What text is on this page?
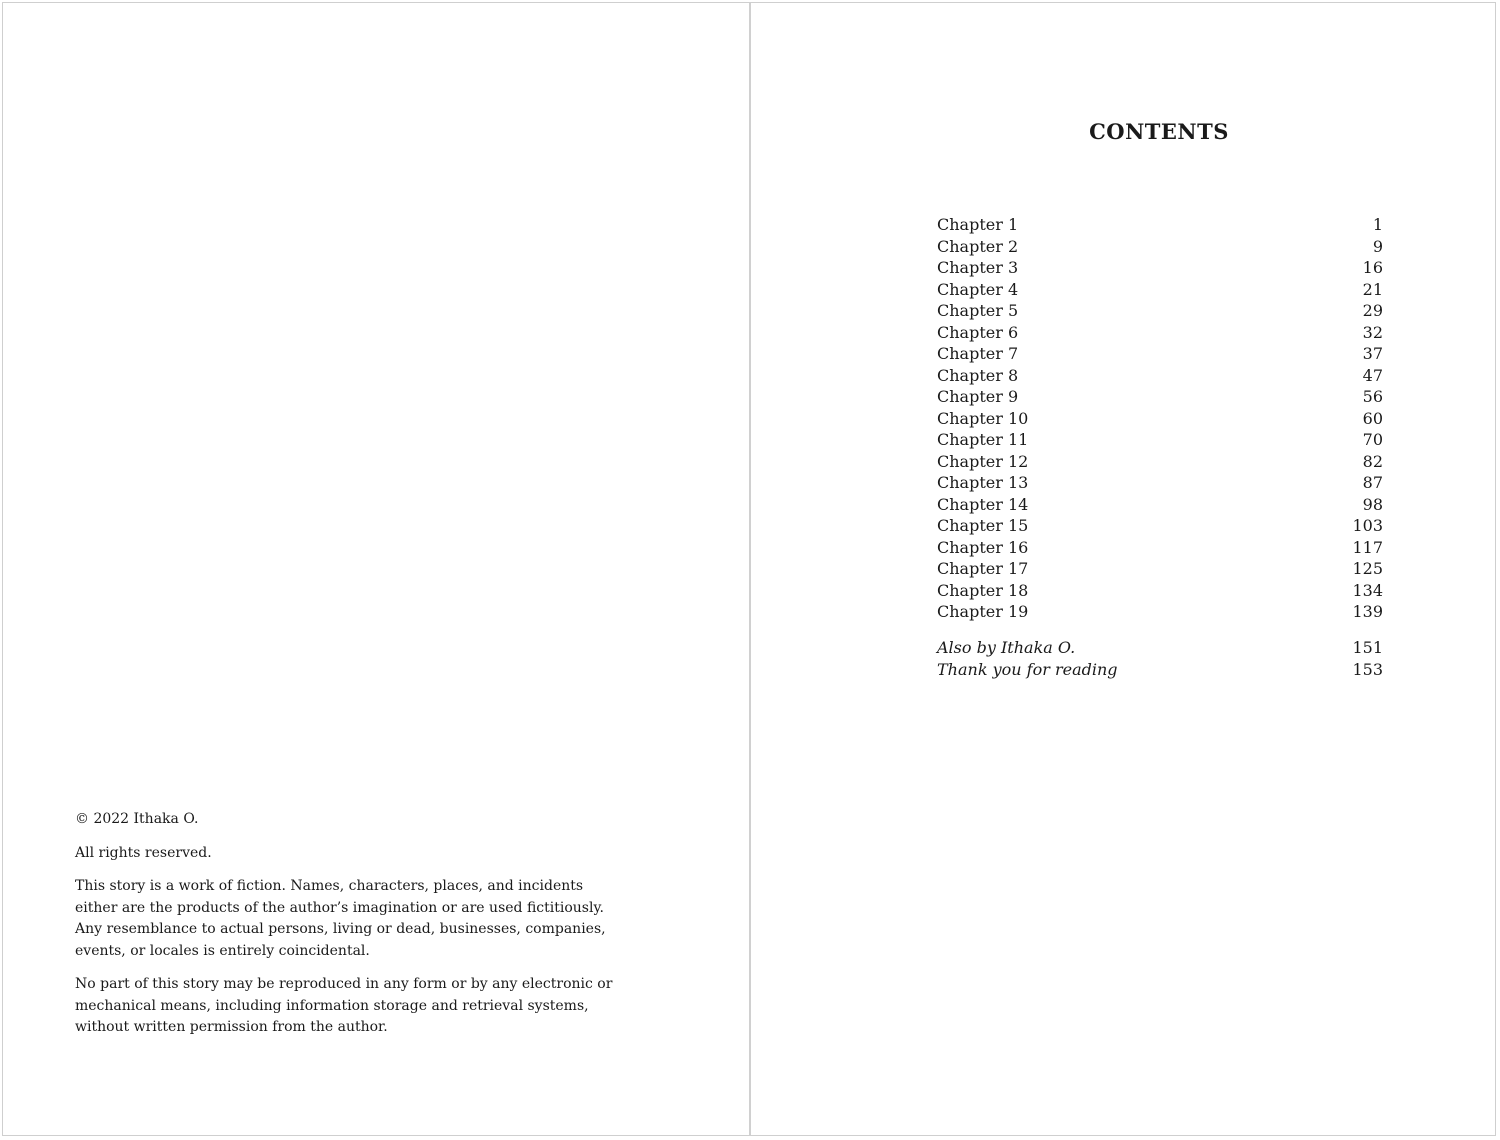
© 2022 Ithaka O.

All rights reserved.

This story is a work of fiction. Names, characters, places, and incidents either are the products of the author’s imagination or are used fictitiously. Any resemblance to actual persons, living or dead, businesses, companies, events, or locales is entirely coincidental.

No part of this story may be reproduced in any form or by any electronic or mechanical means, including information storage and retrieval systems, without written permission from the author.

CONTENTS
Chapter 1	1
Chapter 2	9
Chapter 3	16
Chapter 4	21
Chapter 5	29
Chapter 6	32
Chapter 7	37
Chapter 8	47
Chapter 9	56
Chapter 10	60
Chapter 11	70
Chapter 12	82
Chapter 13	87
Chapter 14	98
Chapter 15	103
Chapter 16	117
Chapter 17	125
Chapter 18	134
Chapter 19	139
Also by Ithaka O.	151
Thank you for reading	153
